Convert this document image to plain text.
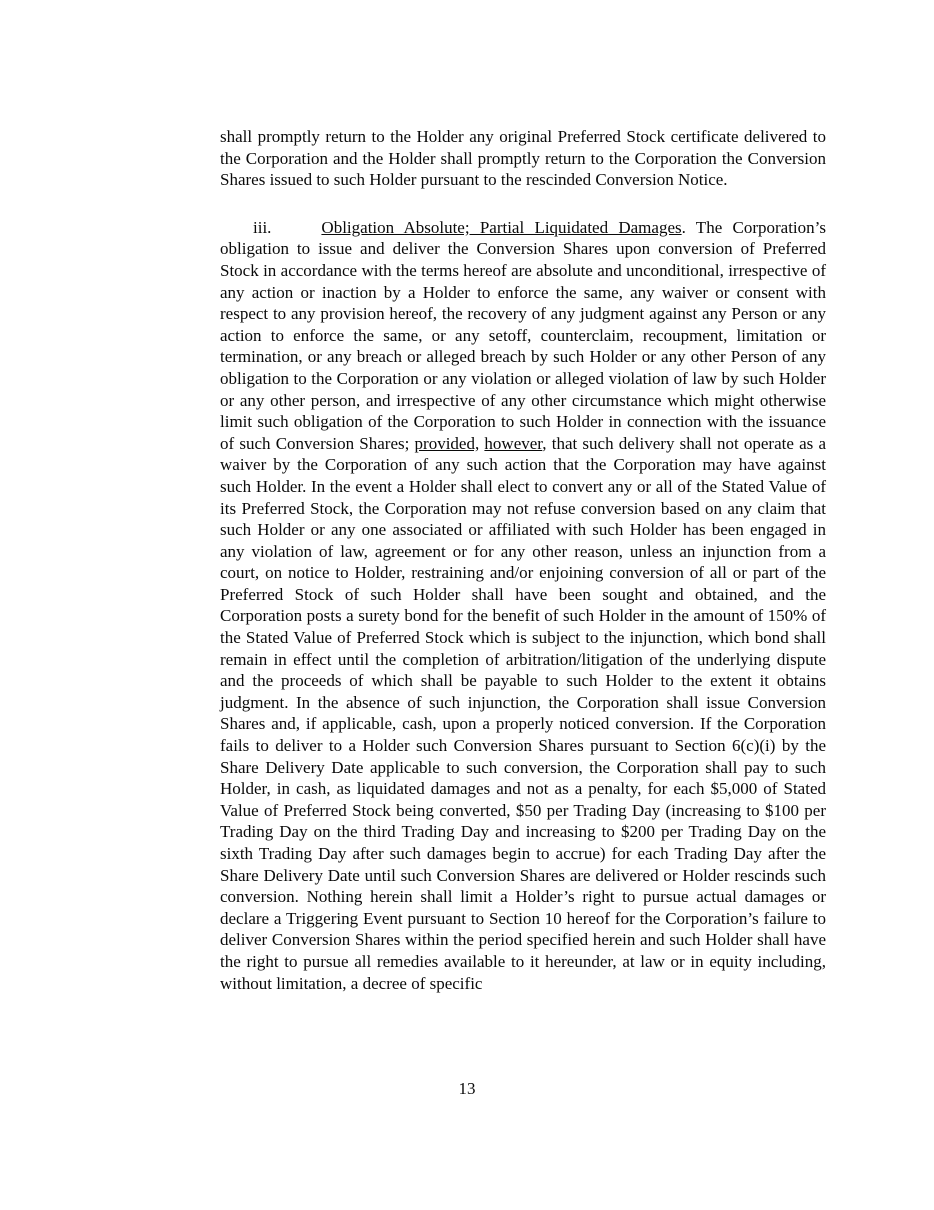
shall promptly return to the Holder any original Preferred Stock certificate delivered to the Corporation and the Holder shall promptly return to the Corporation the Conversion Shares issued to such Holder pursuant to the rescinded Conversion Notice.

iii.	Obligation Absolute; Partial Liquidated Damages. The Corporation’s obligation to issue and deliver the Conversion Shares upon conversion of Preferred Stock in accordance with the terms hereof are absolute and unconditional, irrespective of any action or inaction by a Holder to enforce the same, any waiver or consent with respect to any provision hereof, the recovery of any judgment against any Person or any action to enforce the same, or any setoff, counterclaim, recoupment, limitation or termination, or any breach or alleged breach by such Holder or any other Person of any obligation to the Corporation or any violation or alleged violation of law by such Holder or any other person, and irrespective of any other circumstance which might otherwise limit such obligation of the Corporation to such Holder in connection with the issuance of such Conversion Shares; provided, however, that such delivery shall not operate as a waiver by the Corporation of any such action that the Corporation may have against such Holder. In the event a Holder shall elect to convert any or all of the Stated Value of its Preferred Stock, the Corporation may not refuse conversion based on any claim that such Holder or any one associated or affiliated with such Holder has been engaged in any violation of law, agreement or for any other reason, unless an injunction from a court, on notice to Holder, restraining and/or enjoining conversion of all or part of the Preferred Stock of such Holder shall have been sought and obtained, and the Corporation posts a surety bond for the benefit of such Holder in the amount of 150% of the Stated Value of Preferred Stock which is subject to the injunction, which bond shall remain in effect until the completion of arbitration/litigation of the underlying dispute and the proceeds of which shall be payable to such Holder to the extent it obtains judgment. In the absence of such injunction, the Corporation shall issue Conversion Shares and, if applicable, cash, upon a properly noticed conversion. If the Corporation fails to deliver to a Holder such Conversion Shares pursuant to Section 6(c)(i) by the Share Delivery Date applicable to such conversion, the Corporation shall pay to such Holder, in cash, as liquidated damages and not as a penalty, for each $5,000 of Stated Value of Preferred Stock being converted, $50 per Trading Day (increasing to $100 per Trading Day on the third Trading Day and increasing to $200 per Trading Day on the sixth Trading Day after such damages begin to accrue) for each Trading Day after the Share Delivery Date until such Conversion Shares are delivered or Holder rescinds such conversion. Nothing herein shall limit a Holder’s right to pursue actual damages or declare a Triggering Event pursuant to Section 10 hereof for the Corporation’s failure to deliver Conversion Shares within the period specified herein and such Holder shall have the right to pursue all remedies available to it hereunder, at law or in equity including, without limitation, a decree of specific

13
